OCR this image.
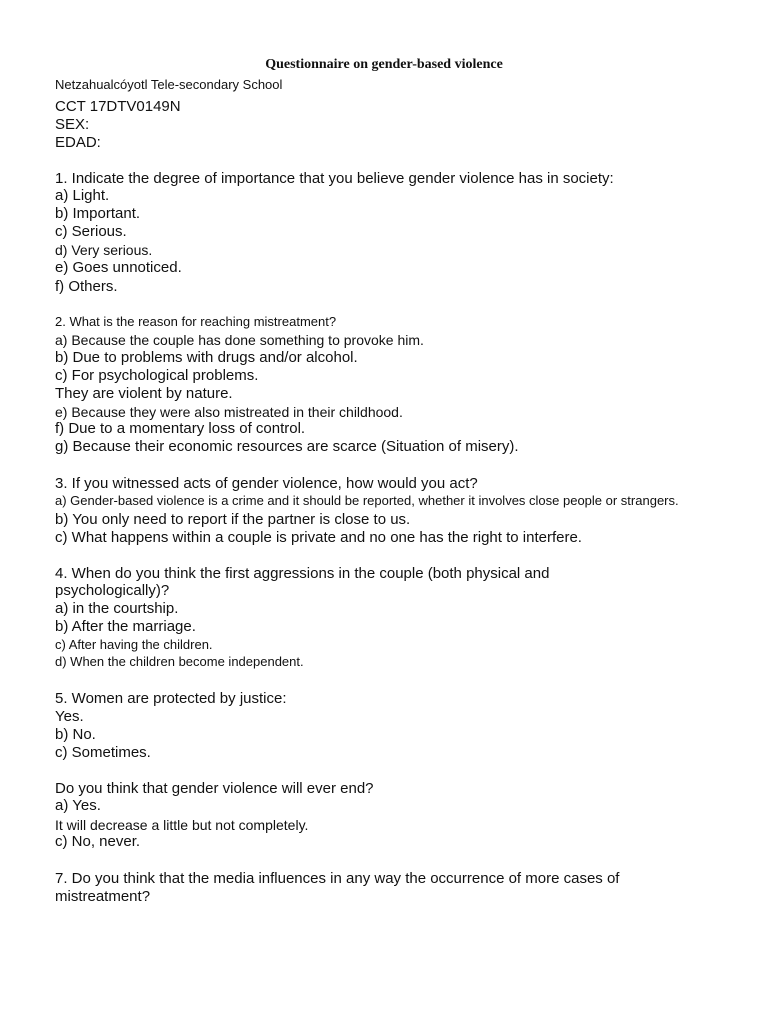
Questionnaire on gender-based violence

Netzahualcóyotl Tele-secondary School

CCT 17DTV0149N

SEX:

EDAD:

1. Indicate the degree of importance that you believe gender violence has in society:

a) Light.

b) Important.

c) Serious.

d) Very serious.

e) Goes unnoticed.

f) Others.

2. What is the reason for reaching mistreatment?

a) Because the couple has done something to provoke him.

b) Due to problems with drugs and/or alcohol.

c) For psychological problems.

They are violent by nature.

e) Because they were also mistreated in their childhood.

f) Due to a momentary loss of control.

g) Because their economic resources are scarce (Situation of misery).

3. If you witnessed acts of gender violence, how would you act?

a) Gender-based violence is a crime and it should be reported, whether it involves close people or strangers.

b) You only need to report if the partner is close to us.

c) What happens within a couple is private and no one has the right to interfere.

4. When do you think the first aggressions in the couple (both physical and

psychologically)?

a) in the courtship.

b) After the marriage.

c) After having the children.

d) When the children become independent.

5. Women are protected by justice:

Yes.

b) No.

c) Sometimes.

Do you think that gender violence will ever end?

a) Yes.

It will decrease a little but not completely.

c) No, never.

7. Do you think that the media influences in any way the occurrence of more cases of

mistreatment?
